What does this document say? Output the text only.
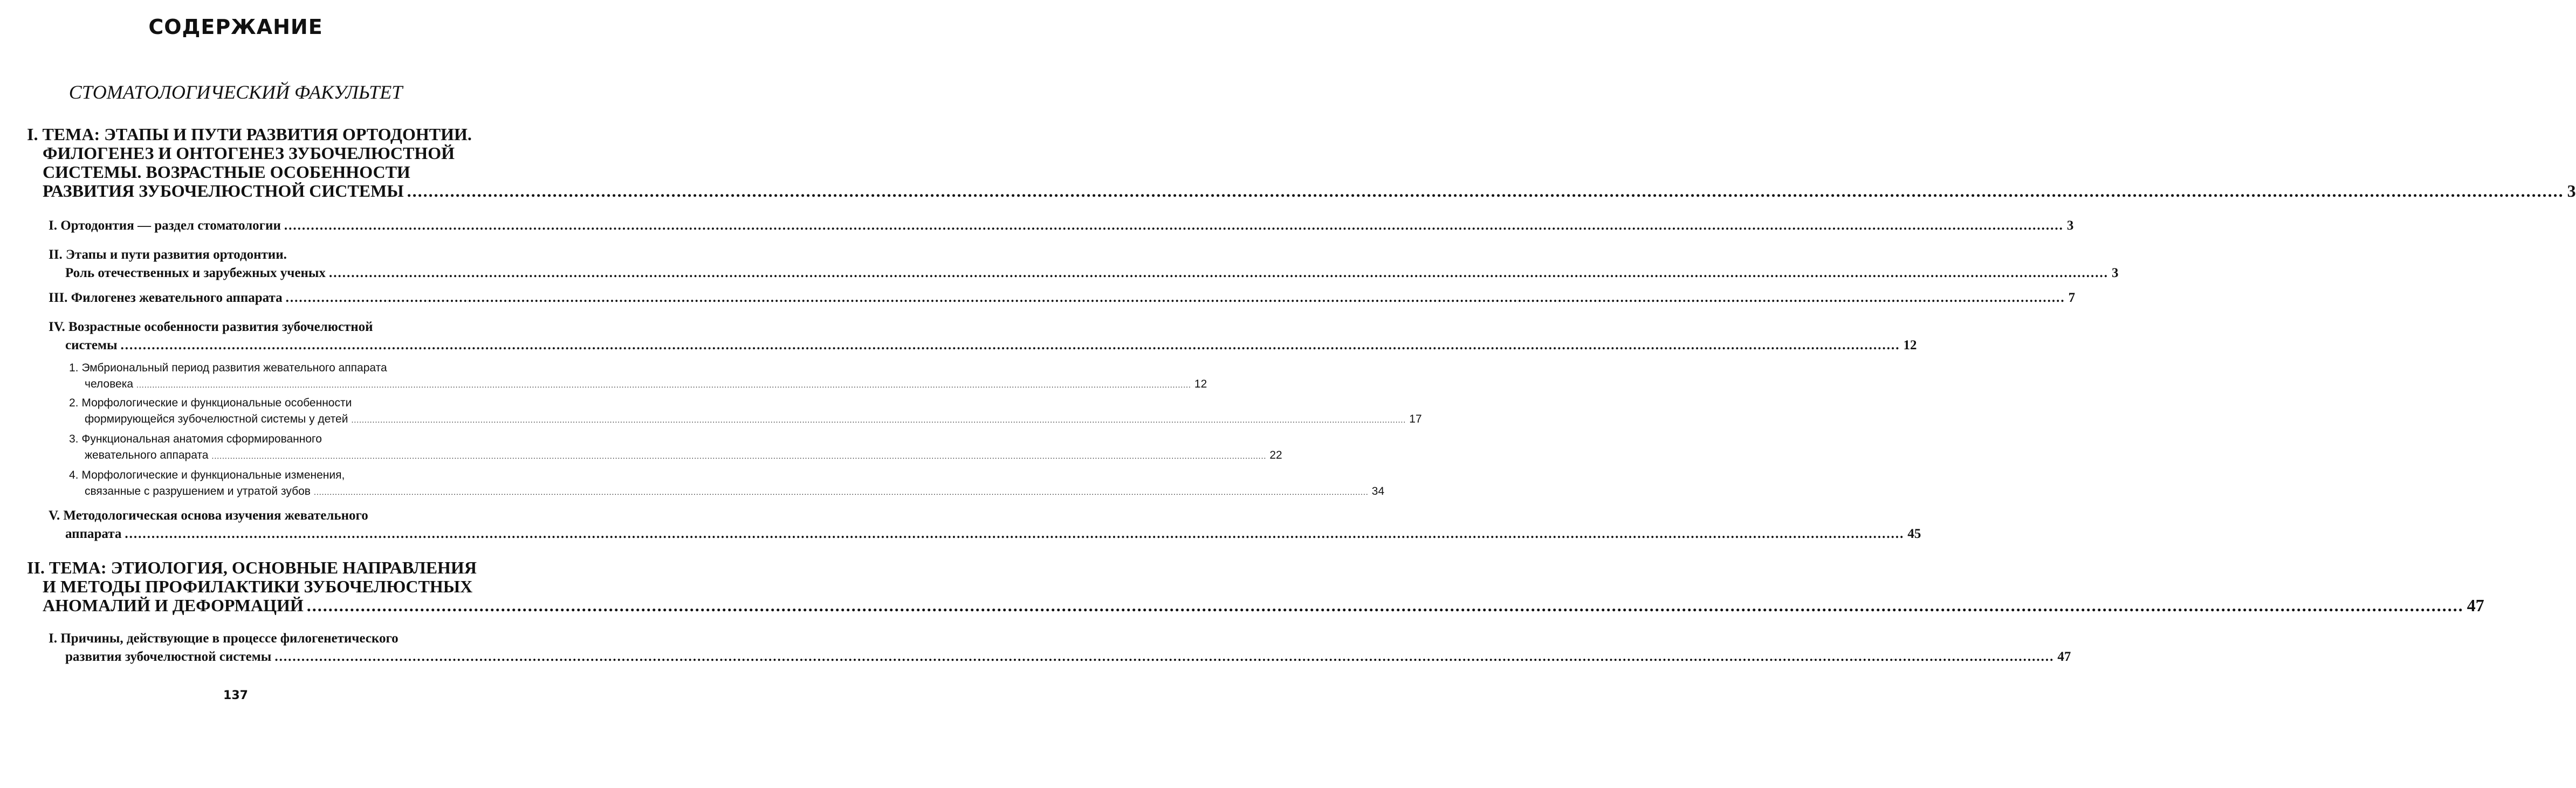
СОДЕРЖАНИЕ
СТОМАТОЛОГИЧЕСКИЙ ФАКУЛЬТЕТ
I. ТЕМА: ЭТАПЫ И ПУТИ РАЗВИТИЯ ОРТОДОНТИИ.
ФИЛОГЕНЕЗ И ОНТОГЕНЕЗ ЗУБОЧЕЛЮСТНОЙ
СИСТЕМЫ. ВОЗРАСТНЫЕ ОСОБЕННОСТИ
РАЗВИТИЯ ЗУБОЧЕЛЮСТНОЙ СИСТЕМЫ ................................................................................................................................................................................................................................................................................................................................................................................................................ 3
I. Ортодонтия — раздел стоматологии ................................................................................................................................................................................................................................................................................................................................................................................................................ 3
II. Этапы и пути развития ортодонтии.
Роль отечественных и зарубежных ученых ................................................................................................................................................................................................................................................................................................................................................................................................................ 3
III. Филогенез жевательного аппарата ................................................................................................................................................................................................................................................................................................................................................................................................................ 7
IV. Возрастные особенности развития зубочелюстной
системы ................................................................................................................................................................................................................................................................................................................................................................................................................ 12
1. Эмбриональный период развития жевательного аппарата
человека ................................................................................................................................................................................................................................................................................................................................................................................................................ 12
2. Морфологические и функциональные особенности
формирующейся зубочелюстной системы у детей ................................................................................................................................................................................................................................................................................................................................................................................................................ 17
3. Функциональная анатомия сформированного
жевательного аппарата ................................................................................................................................................................................................................................................................................................................................................................................................................ 22
4. Морфологические и функциональные изменения,
связанные с разрушением и утратой зубов ................................................................................................................................................................................................................................................................................................................................................................................................................ 34
V. Методологическая основа изучения жевательного
аппарата ................................................................................................................................................................................................................................................................................................................................................................................................................ 45
II. ТЕМА: ЭТИОЛОГИЯ, ОСНОВНЫЕ НАПРАВЛЕНИЯ
И МЕТОДЫ ПРОФИЛАКТИКИ ЗУБОЧЕЛЮСТНЫХ
АНОМАЛИЙ И ДЕФОРМАЦИЙ ................................................................................................................................................................................................................................................................................................................................................................................................................ 47
I. Причины, действующие в процессе филогенетического
развития зубочелюстной системы ................................................................................................................................................................................................................................................................................................................................................................................................................ 47
137
